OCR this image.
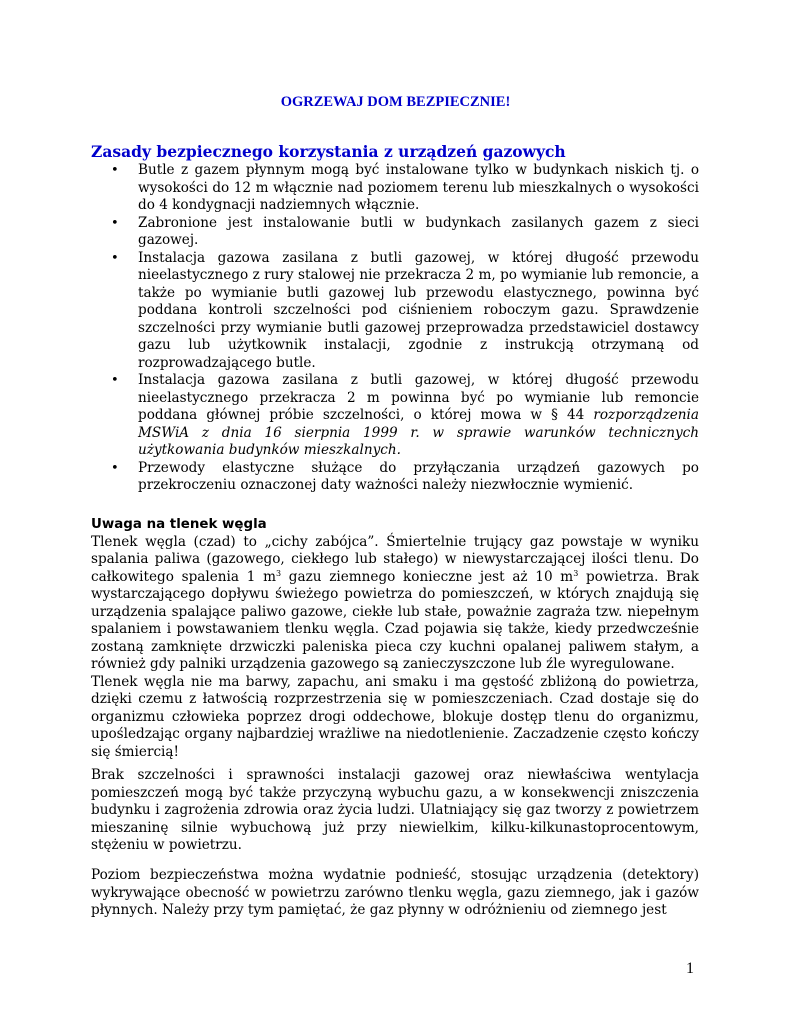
OGRZEWAJ DOM BEZPIECZNIE!
Zasady bezpiecznego korzystania z urządzeń gazowych
• Butle z gazem płynnym mogą być instalowane tylko w budynkach niskich tj. o wysokości do 12 m włącznie nad poziomem terenu lub mieszkalnych o wysokości do 4 kondygnacji nadziemnych włącznie.
• Zabronione jest instalowanie butli w budynkach zasilanych gazem z sieci gazowej.
• Instalacja gazowa zasilana z butli gazowej, w której długość przewodu nieelastycznego z rury stalowej nie przekracza 2 m, po wymianie lub remoncie, a także po wymianie butli gazowej lub przewodu elastycznego, powinna być poddana kontroli szczelności pod ciśnieniem roboczym gazu. Sprawdzenie szczelności przy wymianie butli gazowej przeprowadza przedstawiciel dostawcy gazu lub użytkownik instalacji, zgodnie z instrukcją otrzymaną od rozprowadzającego butle.
• Instalacja gazowa zasilana z butli gazowej, w której długość przewodu nieelastycznego przekracza 2 m powinna być po wymianie lub remoncie poddana głównej próbie szczelności, o której mowa w § 44 rozporządzenia MSWiA z dnia 16 sierpnia 1999 r. w sprawie warunków technicznych użytkowania budynków mieszkalnych.
• Przewody elastyczne służące do przyłączania urządzeń gazowych po przekroczeniu oznaczonej daty ważności należy niezwłocznie wymienić.

Uwaga na tlenek węgla

Tlenek węgla (czad) to „cichy zabójca”. Śmiertelnie trujący gaz powstaje w wyniku spalania paliwa (gazowego, ciekłego lub stałego) w niewystarczającej ilości tlenu. Do całkowitego spalenia 1 $m^3$ gazu ziemnego konieczne jest aż 10 $m^3$ powietrza. Brak wystarczającego dopływu świeżego powietrza do pomieszczeń, w których znajdują się urządzenia spalające paliwo gazowe, ciekłe lub stałe, poważnie zagraża tzw. niepełnym spalaniem i powstawaniem tlenku węgla. Czad pojawia się także, kiedy przedwcześnie zostaną zamknięte drzwiczki paleniska pieca czy kuchni opalanej paliwem stałym, a również gdy palniki urządzenia gazowego są zanieczyszczone lub źle wyregulowane.

Tlenek węgla nie ma barwy, zapachu, ani smaku i ma gęstość zbliżoną do powietrza, dzięki czemu z łatwością rozprzestrzenia się w pomieszczeniach. Czad dostaje się do organizmu człowieka poprzez drogi oddechowe, blokuje dostęp tlenu do organizmu, upośledzając organy najbardziej wrażliwe na niedotlenienie. Zaczadzenie często kończy się śmiercią!

Brak szczelności i sprawności instalacji gazowej oraz niewłaściwa wentylacja pomieszczeń mogą być także przyczyną wybuchu gazu, a w konsekwencji zniszczenia budynku i zagrożenia zdrowia oraz życia ludzi. Ulatniający się gaz tworzy z powietrzem mieszaninę silnie wybuchową już przy niewielkim, kilku-kilkunastoprocentowym, stężeniu w powietrzu.

Poziom bezpieczeństwa można wydatnie podnieść, stosując urządzenia (detektory) wykrywające obecność w powietrzu zarówno tlenku węgla, gazu ziemnego, jak i gazów płynnych. Należy przy tym pamiętać, że gaz płynny w odróżnieniu od ziemnego jest

1
